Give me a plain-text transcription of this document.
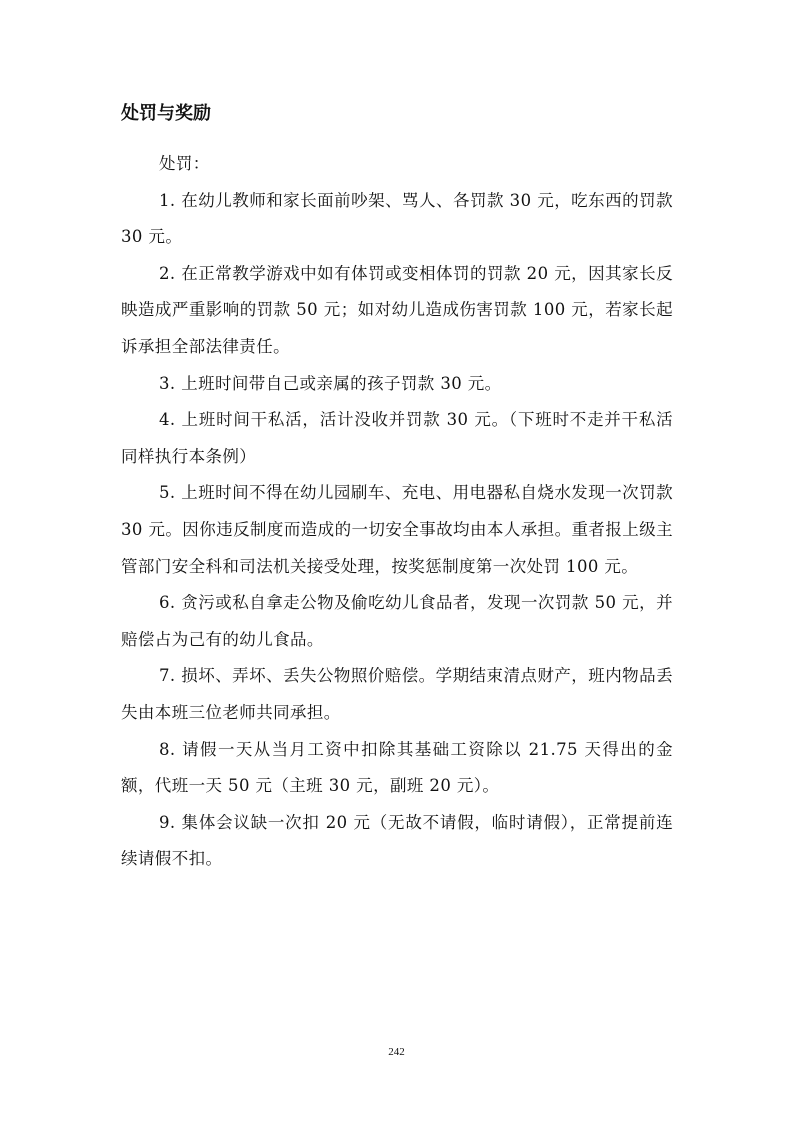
处罚与奖励

处罚：

1. 在幼儿教师和家长面前吵架、骂人、各罚款 30 元，吃东西的罚款 30 元。

2. 在正常教学游戏中如有体罚或变相体罚的罚款 20 元，因其家长反映造成严重影响的罚款 50 元；如对幼儿造成伤害罚款 100 元，若家长起诉承担全部法律责任。

3. 上班时间带自己或亲属的孩子罚款 30 元。

4. 上班时间干私活，活计没收并罚款 30 元。（下班时不走并干私活同样执行本条例）

5. 上班时间不得在幼儿园刷车、充电、用电器私自烧水发现一次罚款 30 元。因你违反制度而造成的一切安全事故均由本人承担。重者报上级主管部门安全科和司法机关接受处理，按奖惩制度第一次处罚 100 元。

6. 贪污或私自拿走公物及偷吃幼儿食品者，发现一次罚款 50 元，并赔偿占为己有的幼儿食品。

7. 损坏、弄坏、丢失公物照价赔偿。学期结束清点财产，班内物品丢失由本班三位老师共同承担。

8. 请假一天从当月工资中扣除其基础工资除以 21.75 天得出的金额，代班一天 50 元（主班 30 元，副班 20 元）。

9. 集体会议缺一次扣 20 元（无故不请假，临时请假），正常提前连续请假不扣。

242
